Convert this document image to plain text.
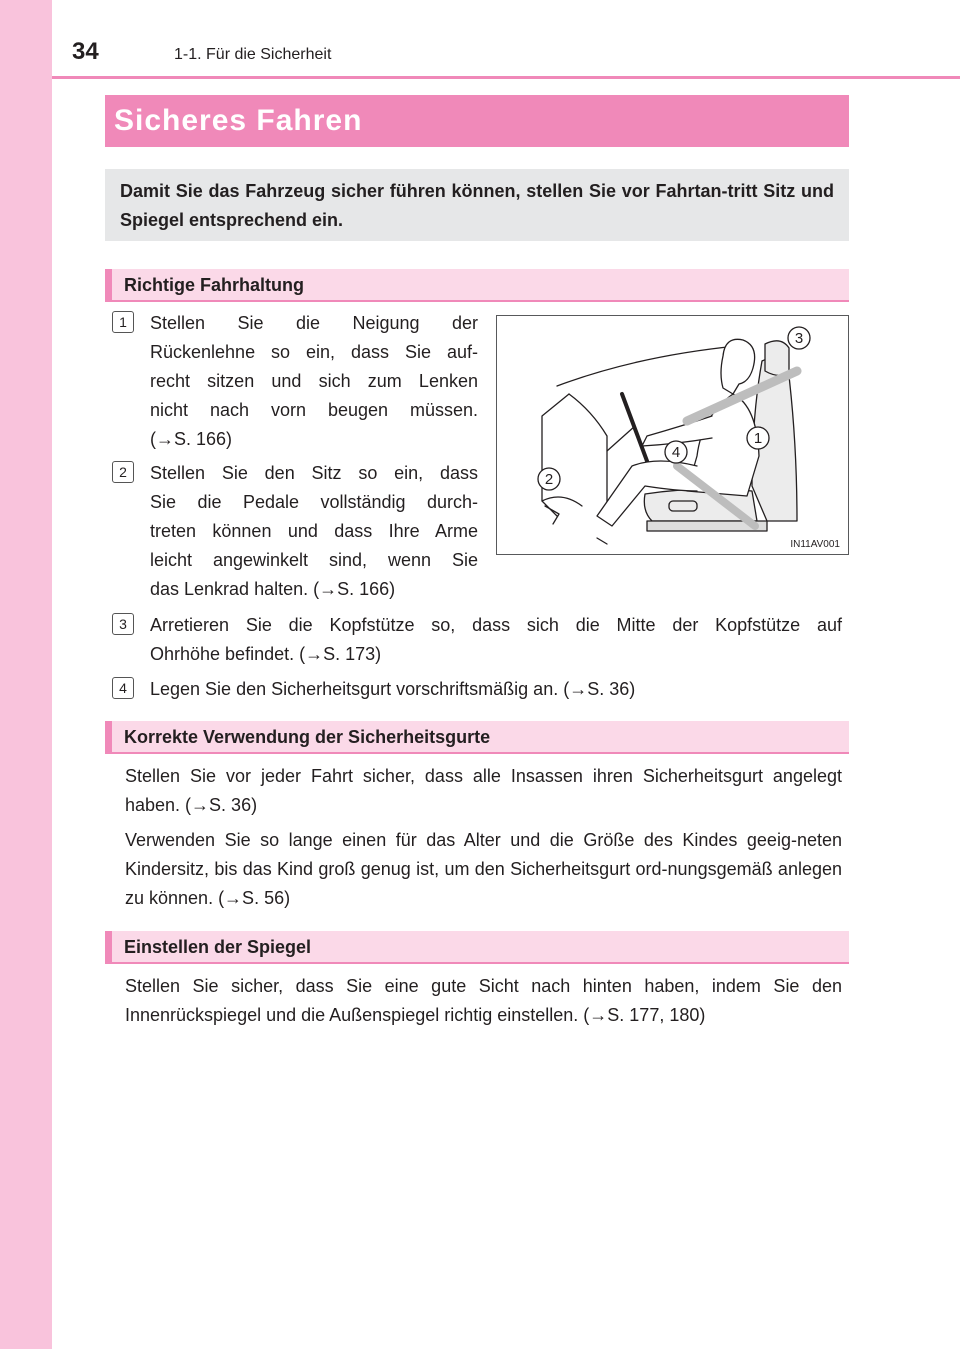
34	1-1. Für die Sicherheit
Sicheres Fahren
Damit Sie das Fahrzeug sicher führen können, stellen Sie vor Fahrtan-tritt Sitz und Spiegel entsprechend ein.
Richtige Fahrhaltung
1	Stellen Sie die Neigung der
Rückenlehne so ein, dass Sie auf-
recht sitzen und sich zum Lenken
nicht nach vorn beugen müssen.
(→S. 166)
2	Stellen Sie den Sitz so ein, dass
Sie die Pedale vollständig durch-
treten können und dass Ihre Arme
leicht angewinkelt sind, wenn Sie
das Lenkrad halten. (→S. 166)
3	Arretieren Sie die Kopfstütze so, dass sich die Mitte der Kopfstütze auf
Ohrhöhe befindet. (→S. 173)
4	Legen Sie den Sicherheitsgurt vorschriftsmäßig an. (→S. 36)
3
1
4
2
IN11AV001
Korrekte Verwendung der Sicherheitsgurte
Stellen Sie vor jeder Fahrt sicher, dass alle Insassen ihren Sicherheitsgurt angelegt haben. (→S. 36)
Verwenden Sie so lange einen für das Alter und die Größe des Kindes geeig-neten Kindersitz, bis das Kind groß genug ist, um den Sicherheitsgurt ord-nungsgemäß anlegen zu können. (→S. 56)
Einstellen der Spiegel
Stellen Sie sicher, dass Sie eine gute Sicht nach hinten haben, indem Sie den Innenrückspiegel und die Außenspiegel richtig einstellen. (→S. 177, 180)
